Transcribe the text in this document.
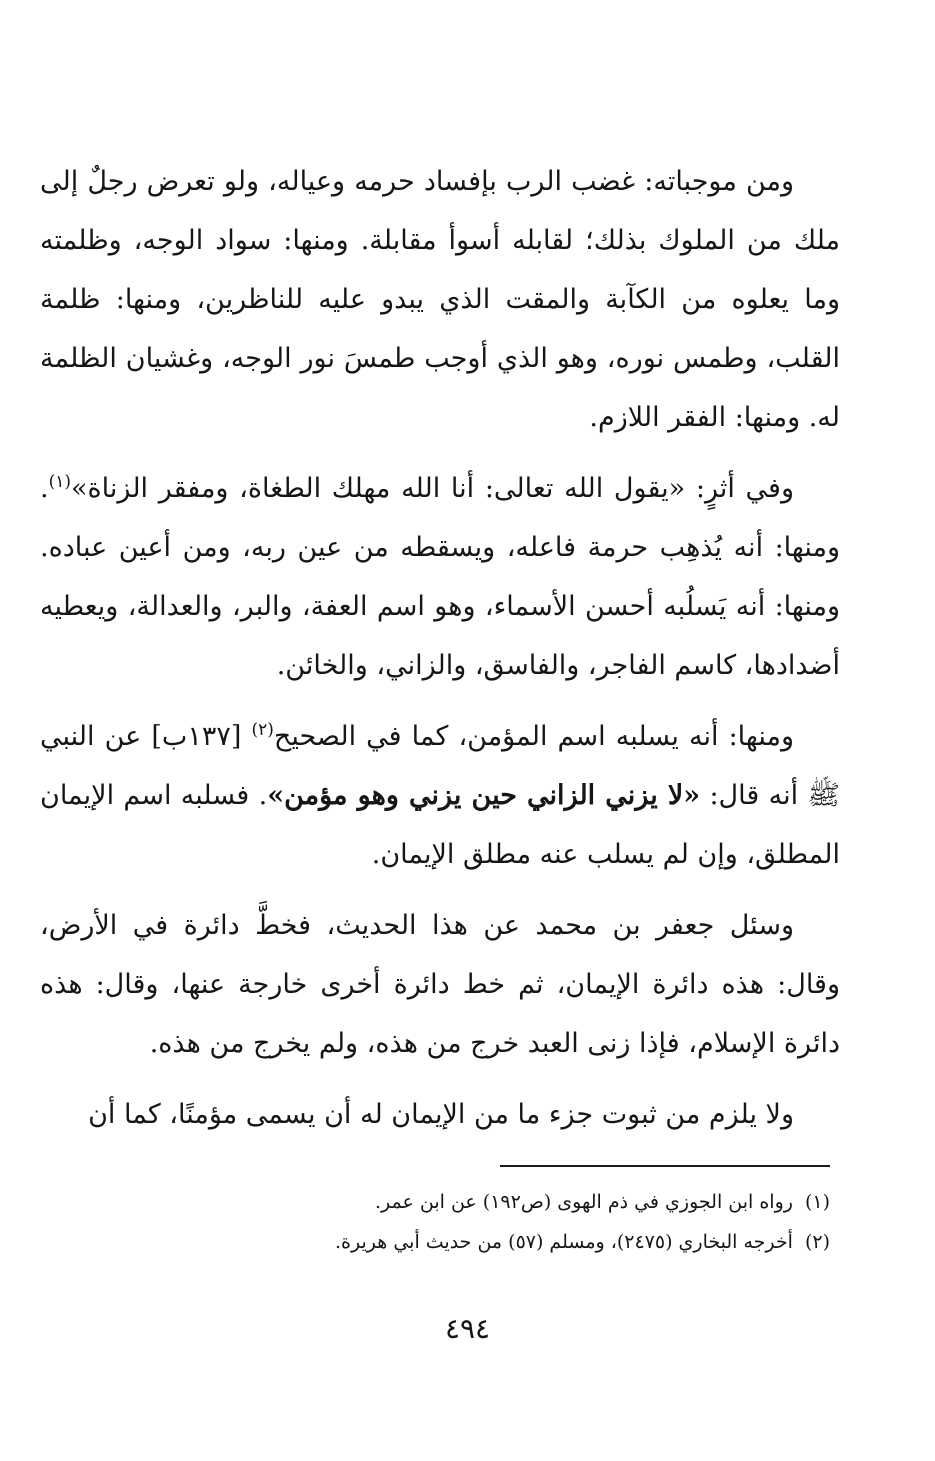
ومن موجباته: غضب الرب بإفساد حرمه وعياله، ولو تعرض رجلٌ إلى ملك من الملوك بذلك؛ لقابله أسوأ مقابلة. ومنها: سواد الوجه، وظلمته وما يعلوه من الكآبة والمقت الذي يبدو عليه للناظرين، ومنها: ظلمة القلب، وطمس نوره، وهو الذي أوجب طمسَ نور الوجه، وغشيان الظلمة له. ومنها: الفقر اللازم.

وفي أثرٍ: «يقول الله تعالى: أنا الله مهلك الطغاة، ومفقر الزناة»$^{(١)}$. ومنها: أنه يُذهِب حرمة فاعله، ويسقطه من عين ربه، ومن أعين عباده. ومنها: أنه يَسلُبه أحسن الأسماء، وهو اسم العفة، والبر، والعدالة، ويعطيه أضدادها، كاسم الفاجر، والفاسق، والزاني، والخائن.

ومنها: أنه يسلبه اسم المؤمن، كما في الصحيح$^{(٢)}$ [١٣٧ب] عن النبي ﷺ أنه قال: «لا يزني الزاني حين يزني وهو مؤمن». فسلبه اسم الإيمان المطلق، وإن لم يسلب عنه مطلق الإيمان.

وسئل جعفر بن محمد عن هذا الحديث، فخطَّ دائرة في الأرض، وقال: هذه دائرة الإيمان، ثم خط دائرة أخرى خارجة عنها، وقال: هذه دائرة الإسلام، فإذا زنى العبد خرج من هذه، ولم يخرج من هذه.

ولا يلزم من ثبوت جزء ما من الإيمان له أن يسمى مؤمنًا، كما أن

(١)رواه ابن الجوزي في ذم الهوى (ص١٩٢) عن ابن عمر.

(٢)أخرجه البخاري (٢٤٧٥)، ومسلم (٥٧) من حديث أبي هريرة.

٤٩٤
